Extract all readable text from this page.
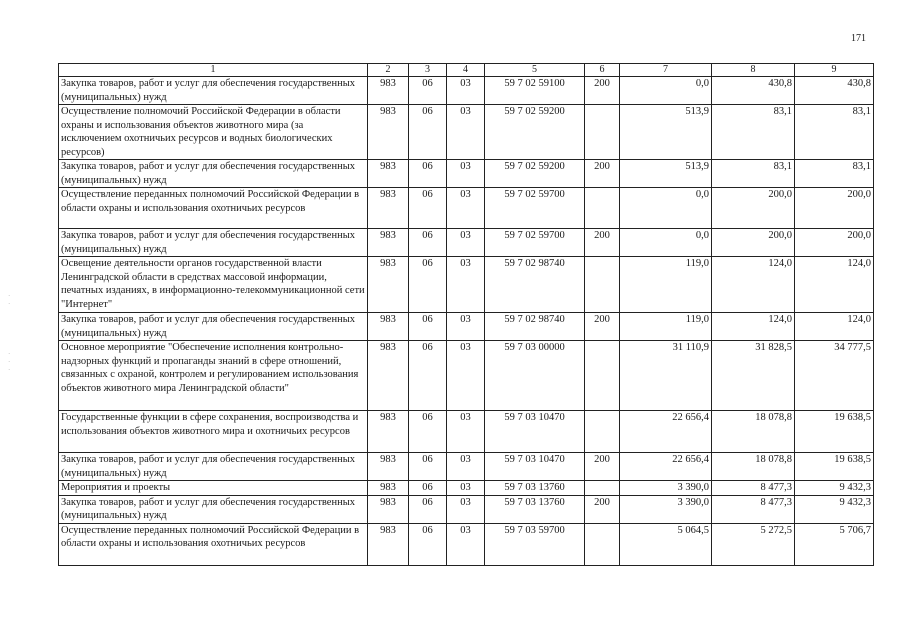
171
1	2	3	4	5	6	7	8	9
Закупка товаров, работ и услуг для обеспечения государственных (муниципальных) нужд	983	06	03	59 7 02 59100	200	0,0	430,8	430,8
Осуществление полномочий Российской Федерации в области охраны и использования объектов животного мира (за исключением охотничьих ресурсов и водных биологических ресурсов)	983	06	03	59 7 02 59200		513,9	83,1	83,1
Закупка товаров, работ и услуг для обеспечения государственных (муниципальных) нужд	983	06	03	59 7 02 59200	200	513,9	83,1	83,1
Осуществление переданных полномочий Российской Федерации в области охраны и использования охотничьих ресурсов	983	06	03	59 7 02 59700		0,0	200,0	200,0
Закупка товаров, работ и услуг для обеспечения государственных (муниципальных) нужд	983	06	03	59 7 02 59700	200	0,0	200,0	200,0
Освещение деятельности органов государственной власти Ленинградской области в средствах массовой информации, печатных изданиях, в информационно-телекоммуникационной сети "Интернет"	983	06	03	59 7 02 98740		119,0	124,0	124,0
Закупка товаров, работ и услуг для обеспечения государственных (муниципальных) нужд	983	06	03	59 7 02 98740	200	119,0	124,0	124,0
Основное мероприятие "Обеспечение исполнения контрольно-надзорных функций и пропаганды знаний в сфере отношений, связанных с охраной, контролем и регулированием использования объектов животного мира Ленинградской области"	983	06	03	59 7 03 00000		31 110,9	31 828,5	34 777,5
Государственные функции в сфере сохранения, воспроизводства и использования объектов животного мира и охотничьих ресурсов	983	06	03	59 7 03 10470		22 656,4	18 078,8	19 638,5
Закупка товаров, работ и услуг для обеспечения государственных (муниципальных) нужд	983	06	03	59 7 03 10470	200	22 656,4	18 078,8	19 638,5
Мероприятия и проекты	983	06	03	59 7 03 13760		3 390,0	8 477,3	9 432,3
Закупка товаров, работ и услуг для обеспечения государственных (муниципальных) нужд	983	06	03	59 7 03 13760	200	3 390,0	8 477,3	9 432,3
Осуществление переданных полномочий Российской Федерации в области охраны и использования охотничьих ресурсов	983	06	03	59 7 03 59700		5 064,5	5 272,5	5 706,7
·
·
·
·
·
